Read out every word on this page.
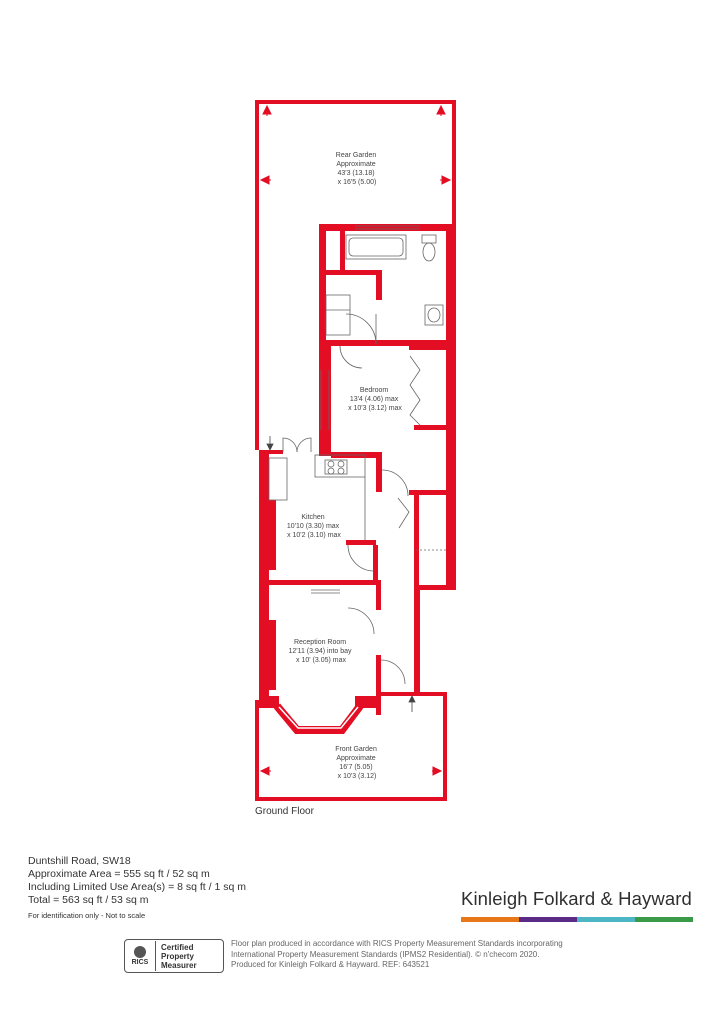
Rear Garden Approximate 43'3 (13.18) x 16'5 (5.00)
Bedroom 13'4 (4.06) max x 10'3 (3.12) max
Kitchen 10'10 (3.30) max x 10'2 (3.10) max
Reception Room 12'11 (3.94) into bay x 10' (3.05) max
Front Garden Approximate 16'7 (5.05) x 10'3 (3.12)
Ground Floor
Duntshill Road, SW18
Approximate Area = 555 sq ft / 52 sq m
Including Limited Use Area(s) = 8 sq ft / 1 sq m
Total = 563 sq ft / 53 sq m
For identification only - Not to scale
Kinleigh Folkard & Hayward
RICS
Certified
Property
Measurer
Floor plan produced in accordance with RICS Property Measurement Standards incorporating
International Property Measurement Standards (IPMS2 Residential). © n'checom 2020.
Produced for Kinleigh Folkard & Hayward. REF: 643521
